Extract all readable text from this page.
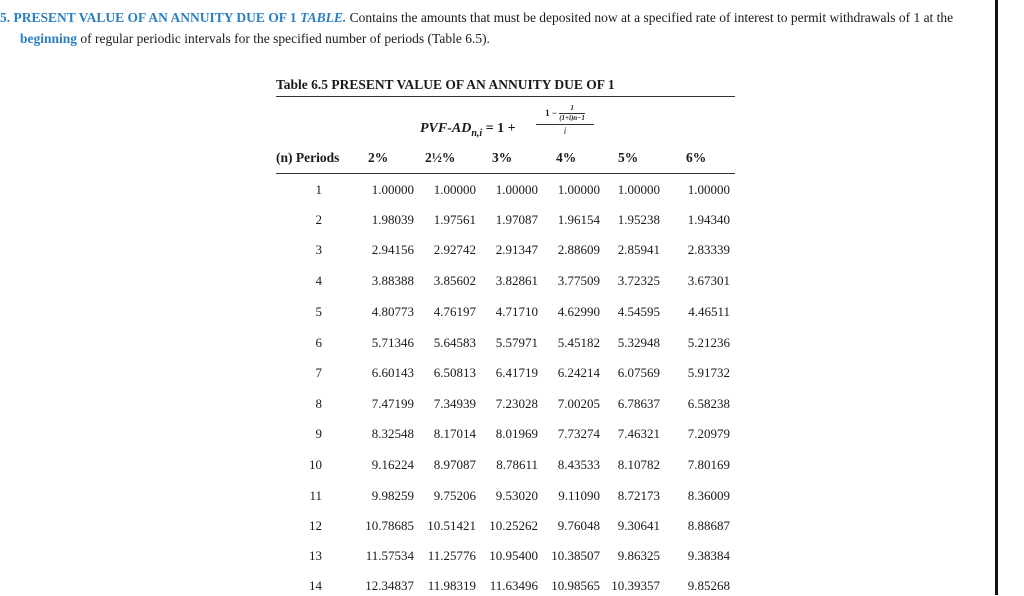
5. PRESENT VALUE OF AN ANNUITY DUE OF 1 TABLE. Contains the amounts that must be deposited now at a specified rate of interest to permit withdrawals of 1 at the
beginning of regular periodic intervals for the specified number of periods (Table 6.5).
Table 6.5 PRESENT VALUE OF AN ANNUITY DUE OF 1
PVF-$AD_{n,i} = 1$ +
$1 - \frac{1}{(1+i)n-1}$
i
(n) Periods 2%	2½%	3%	4%	5%	6%
1	1.00000	1.00000	1.00000	1.00000	1.00000	1.00000
2	1.98039	1.97561	1.97087	1.96154	1.95238	1.94340
3	2.94156	2.92742	2.91347	2.88609	2.85941	2.83339
4	3.88388	3.85602	3.82861	3.77509	3.72325	3.67301
5	4.80773	4.76197	4.71710	4.62990	4.54595	4.46511
6	5.71346	5.64583	5.57971	5.45182	5.32948	5.21236
7	6.60143	6.50813	6.41719	6.24214	6.07569	5.91732
8	7.47199	7.34939	7.23028	7.00205	6.78637	6.58238
9	8.32548	8.17014	8.01969	7.73274	7.46321	7.20979
10	9.16224	8.97087	8.78611	8.43533	8.10782	7.80169
11	9.98259	9.75206	9.53020	9.11090	8.72173	8.36009
12	10.78685	10.51421	10.25262	9.76048	9.30641	8.88687
13	11.57534	11.25776	10.95400	10.38507	9.86325	9.38384
14	12.34837	11.98319	11.63496	10.98565 10.39357	9.85268
